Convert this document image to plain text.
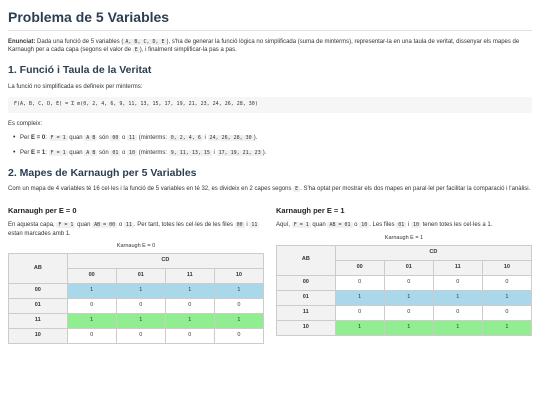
Problema de 5 Variables

Enunciat: Dada una funció de 5 variables ( A, B, C, D, E ), s'ha de generar la funció lògica no simplificada (suma de minterms), representar-la en una taula de veritat, dissenyar els mapes de Karnaugh per a cada capa (segons el valor de E ), i finalment simplificar-la pas a pas.

1. Funció i Taula de la Veritat

La funció no simplificada es defineix per minterms:

F(A, B, C, D, E) = Σ m(0, 2, 4, 6, 9, 11, 13, 15, 17, 19, 21, 23, 24, 26, 28, 30)

Es compleix:

• Per E = 0: F = 1 quan A B són 00 o 11 (minterms: 0, 2, 4, 6 i 24, 26, 28, 30 ).
• Per E = 1: F = 1 quan A B són 01 o 10 (minterms: 9, 11, 13, 15 i 17, 19, 21, 23 ).
2. Mapes de Karnaugh per 5 Variables

Com un mapa de 4 variables té 16 cel·les i la funció de 5 variables en té 32, es divideix en 2 capes segons E . S'ha optat per mostrar els dos mapes en paral·lel per facilitar la comparació i l'anàlisi.

Karnaugh per E = 0

En aquesta capa, F = 1 quan AB = 00 o 11 . Per tant, totes les cel·les de les files 00 i 11 estan marcades amb 1.

Karnaugh E = 0
AB	CD			
	00	01	11	10
00	1	1	1	1
01	0	0	0	0
11	1	1	1	1
10	0	0	0	0
Karnaugh per E = 1

Aquí, F = 1 quan AB = 01 o 10 . Les files 01 i 10 tenen totes les cel·les a 1.

Karnaugh E = 1
AB	CD			
	00	01	11	10
00	0	0	0	0
01	1	1	1	1
11	0	0	0	0
10	1	1	1	1
